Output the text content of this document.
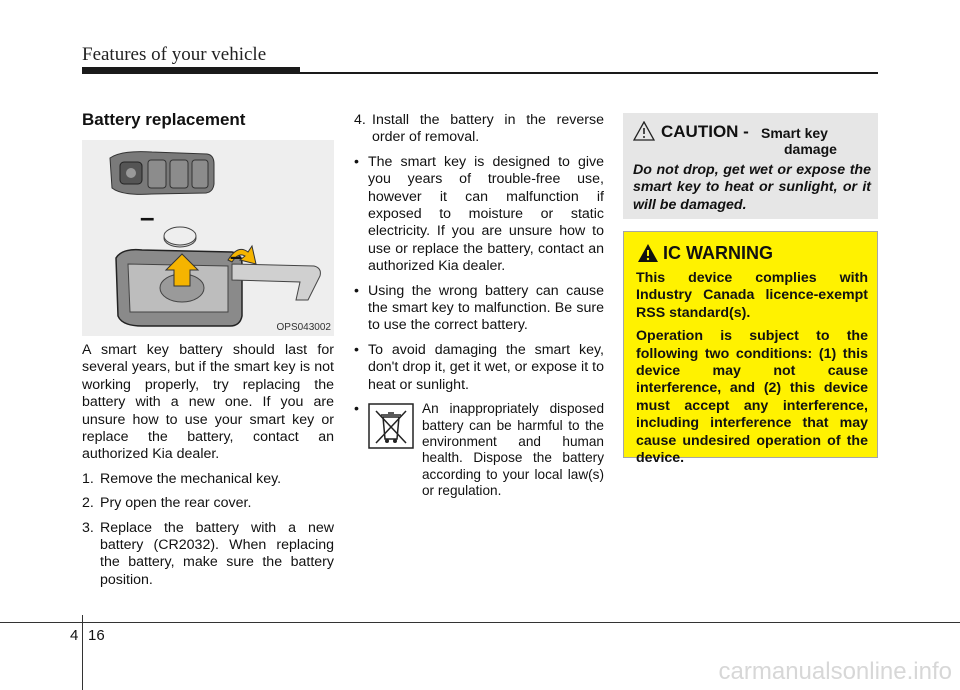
Features of your vehicle
Battery replacement
–
–
OPS043002

A smart key battery should last for several years, but if the smart key is not working properly, try replacing the battery with a new one. If you are unsure how to use your smart key or replace the battery, contact an authorized Kia dealer.

1. Remove the mechanical key.
2. Pry open the rear cover.
3. Replace the battery with a new battery (CR2032). When replacing the battery, make sure the battery position.
4. Install the battery in the reverse order of removal.
• The smart key is designed to give you years of trouble-free use, however it can malfunction if exposed to moisture or static electricity. If you are unsure how to use or replace the battery, contact an authorized Kia dealer.
• Using the wrong battery can cause the smart key to malfunction. Be sure to use the correct battery.
• To avoid damaging the smart key, don't drop it, get it wet, or expose it to heat or sunlight.
•	An inappropriately disposed battery can be harmful to the environment and human health. Dispose the battery according to your local law(s) or regulation.
CAUTION - Smart key
damage

Do not drop, get wet or expose the smart key to heat or sunlight, or it will be damaged.

IC WARNING

This device complies with Industry Canada licence-exempt RSS standard(s).

Operation is subject to the following two conditions: (1) this device may not cause interference, and (2) this device must accept any interference, including interference that may cause undesired operation of the device.

4 16
carmanualsonline.info
